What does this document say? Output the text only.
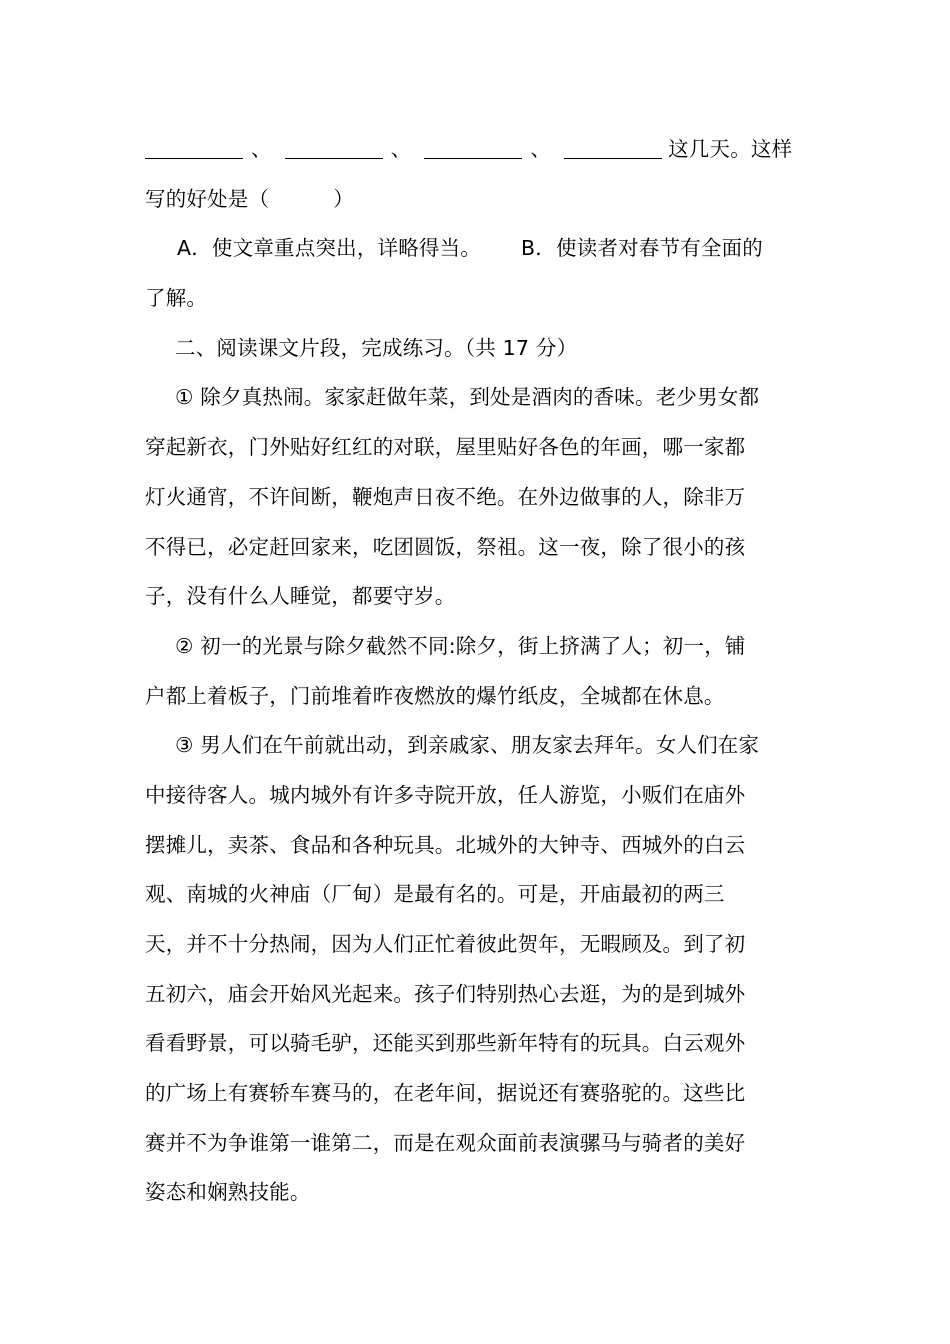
、	、	、	这几天。这样
写的好处是（	）
A．使文章重点突出，详略得当。 B．使读者对春节有全面的
了解。
二、阅读课文片段，完成练习。（共 17 分）
① 除夕真热闹。家家赶做年菜，到处是酒肉的香味。老少男女都
穿起新衣，门外贴好红红的对联，屋里贴好各色的年画，哪一家都
灯火通宵，不许间断，鞭炮声日夜不绝。在外边做事的人，除非万
不得已，必定赶回家来，吃团圆饭，祭祖。这一夜，除了很小的孩
子，没有什么人睡觉，都要守岁。
② 初一的光景与除夕截然不同:除夕，街上挤满了人；初一，铺
户都上着板子，门前堆着昨夜燃放的爆竹纸皮，全城都在休息。
③ 男人们在午前就出动，到亲戚家、朋友家去拜年。女人们在家
中接待客人。城内城外有许多寺院开放，任人游览，小贩们在庙外
摆摊儿，卖茶、食品和各种玩具。北城外的大钟寺、西城外的白云
观、南城的火神庙（厂甸）是最有名的。可是，开庙最初的两三
天，并不十分热闹，因为人们正忙着彼此贺年，无暇顾及。到了初
五初六，庙会开始风光起来。孩子们特别热心去逛，为的是到城外
看看野景，可以骑毛驴，还能买到那些新年特有的玩具。白云观外
的广场上有赛轿车赛马的，在老年间，据说还有赛骆驼的。这些比
赛并不为争谁第一谁第二，而是在观众面前表演骡马与骑者的美好
姿态和娴熟技能。
